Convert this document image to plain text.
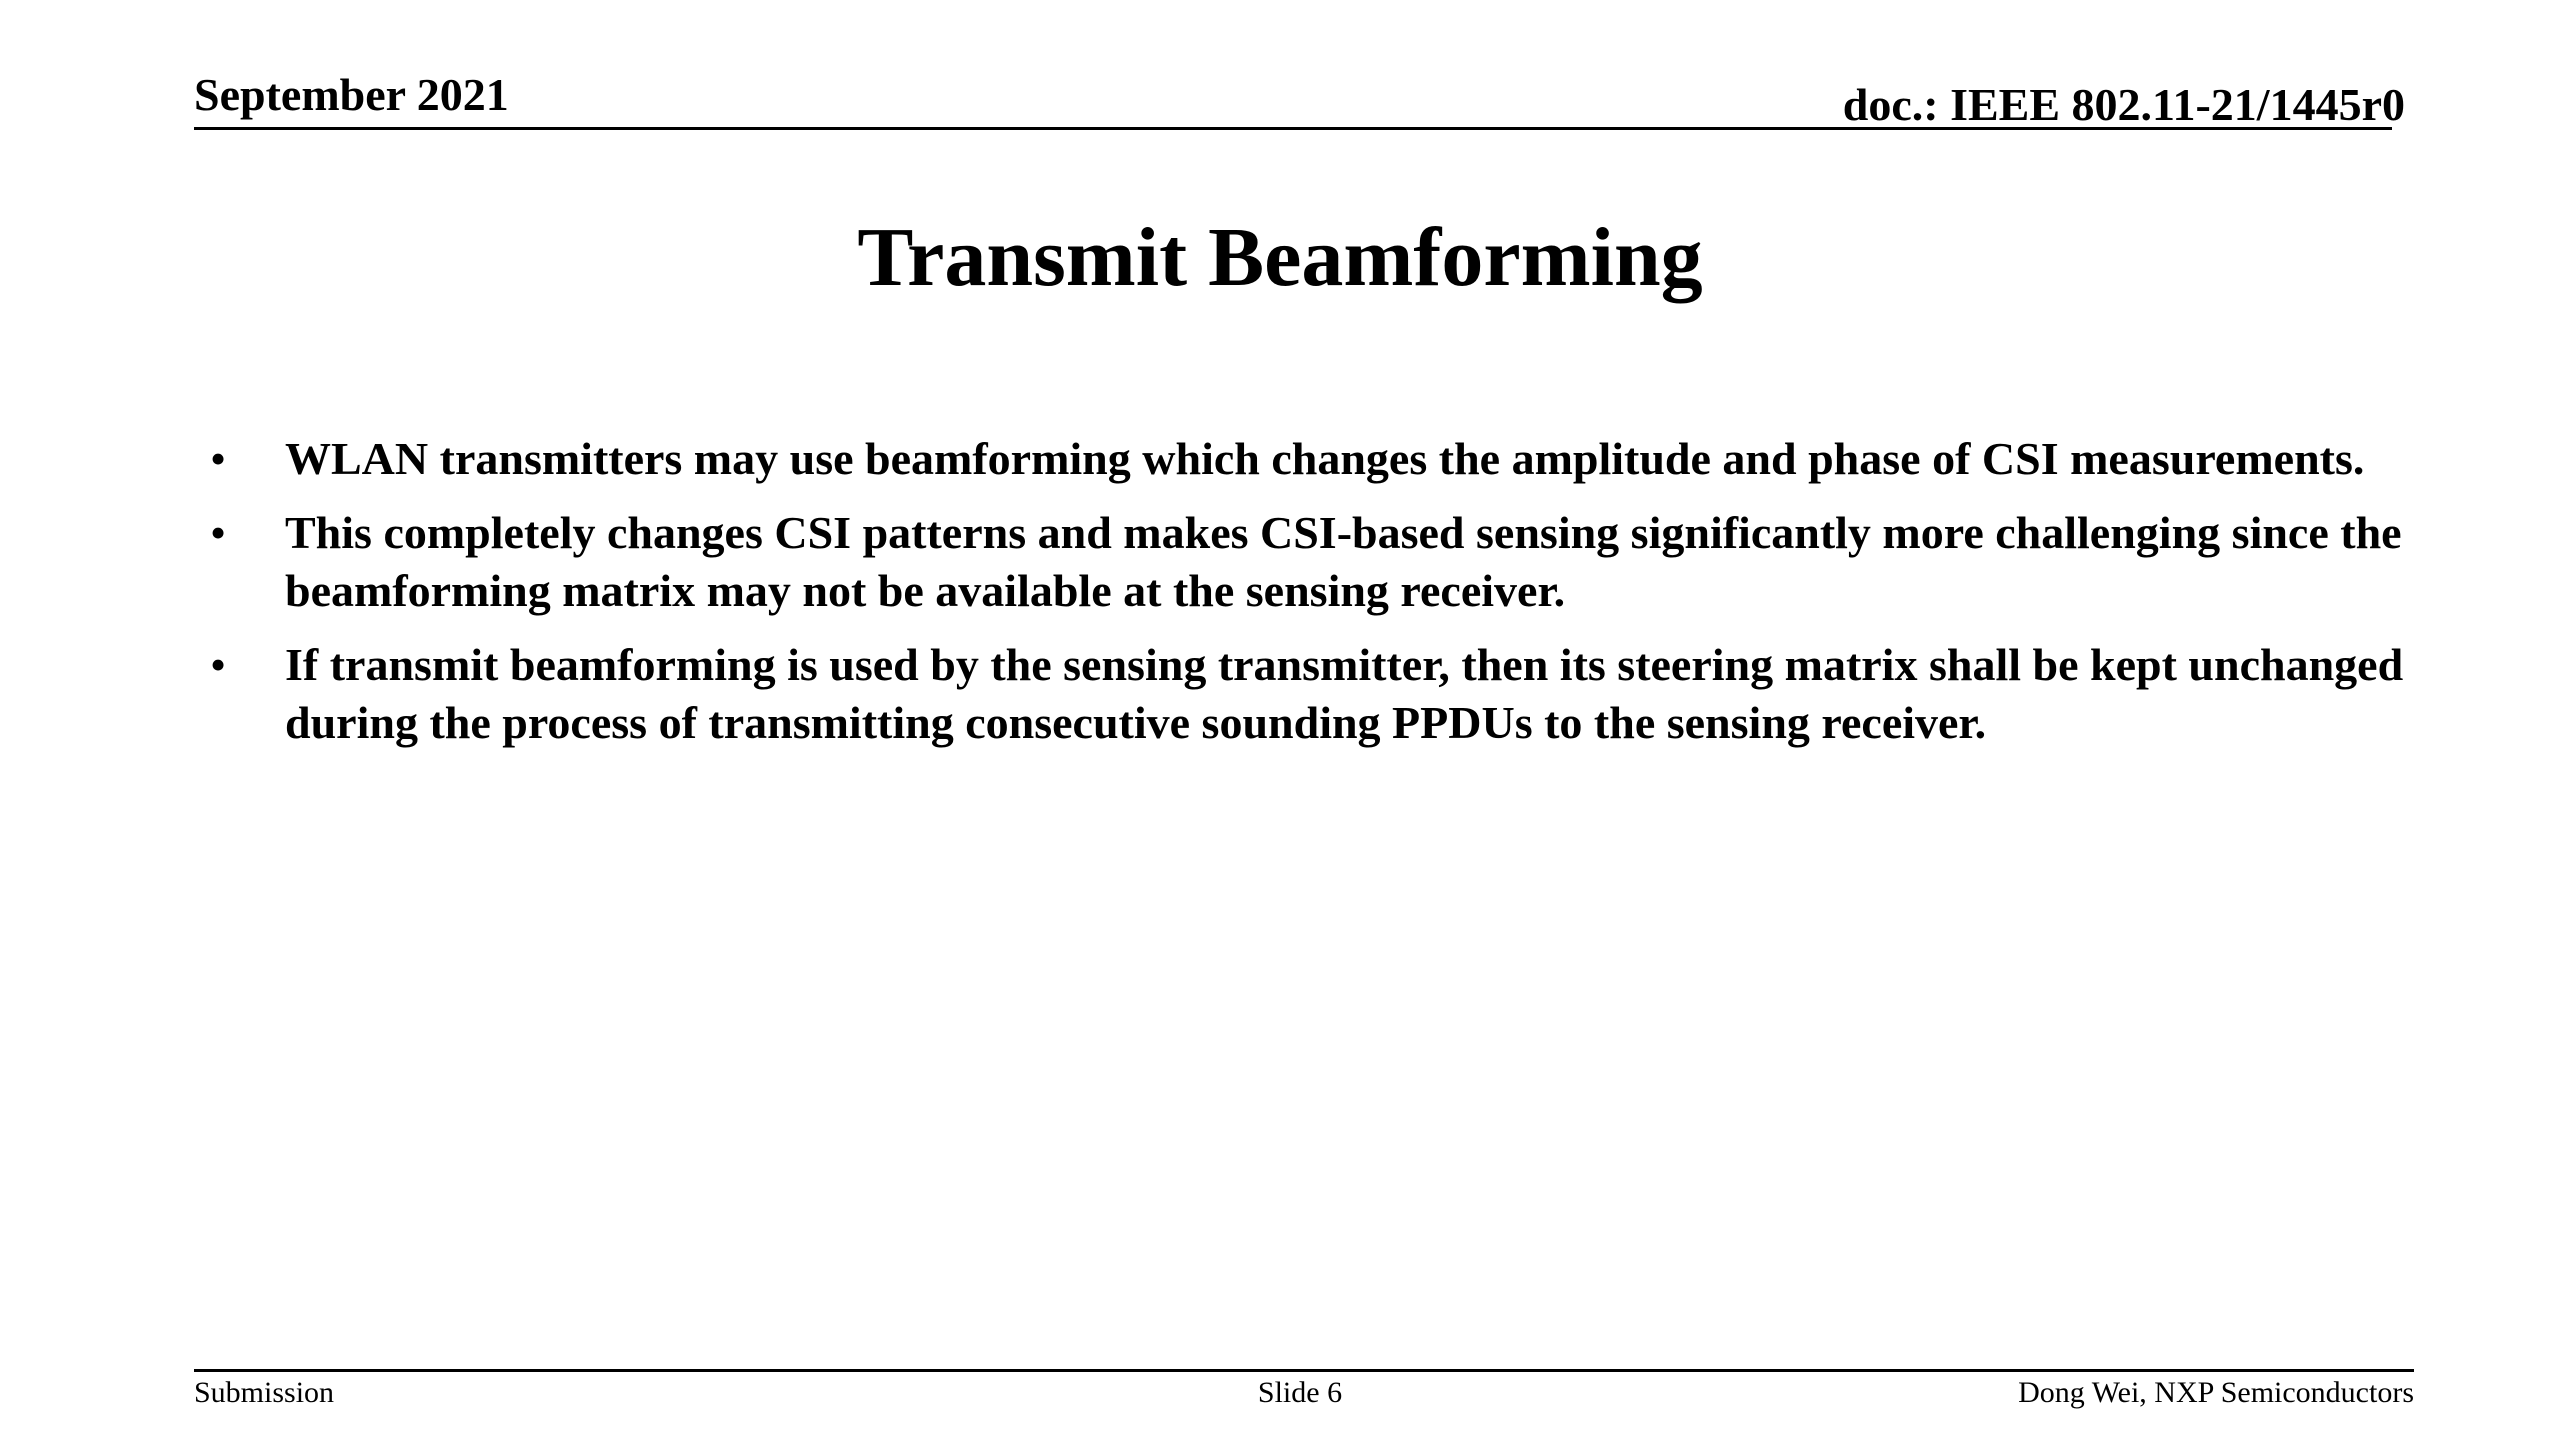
September 2021	doc.: IEEE 802.11-21/1445r0
Transmit Beamforming
• WLAN transmitters may use beamforming which changes the amplitude and phase of CSI measurements.
• This completely changes CSI patterns and makes CSI-based sensing significantly more challenging since the beamforming matrix may not be available at the sensing receiver.
• If transmit beamforming is used by the sensing transmitter, then its steering matrix shall be kept unchanged during the process of transmitting consecutive sounding PPDUs to the sensing receiver.
Submission	Slide 6	Dong Wei, NXP Semiconductors
